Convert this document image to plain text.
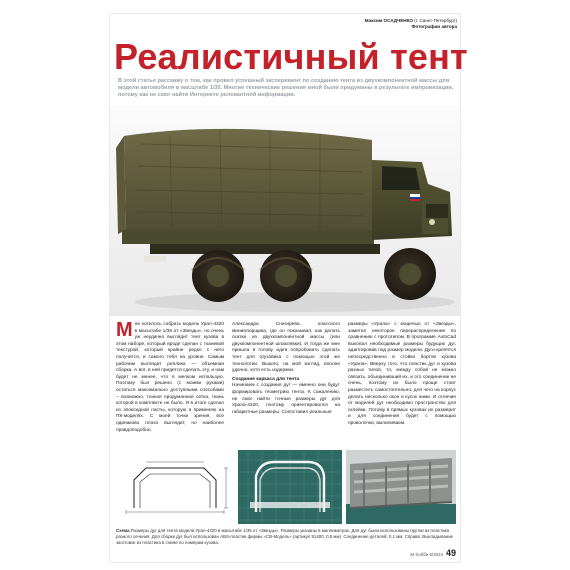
Максим ОСАДЧЕНКО (г. Санкт-Петербург)
Фотографии автора
Реалистичный тент
В этой статье расскажу о том, как провел успешный эксперимент по созданию тента из двухкомпонентной массы для модели автомобиля в масштабе 1/35. Многие технические решения мной были придуманы в результате импровизации, потому как не смог найти Интернете релевантной информации.
Мне хотелось собрать модель Урал-4320 в масштабе 1/35 от «Звезды», но очень уж неудачно выглядит тент кузова в этом наборе, который вроде сделан с тканевой текстурой, который крайне редко с него получится, и самого тебя на уровне. Самым рабочим выглядит реплика — объемная сборка. А вот, в ней придется сделать эту, и нам будет не менее, что я мелком использую. Поэтому был решено (с моими руками) остаться максимально доступными способами – возможно, тонкая продуманная сетка, ткань которой в комплекте не было. Я в итоге сделал из эпоксидной пасты, которую я применяю на ПК-моделях. С моей точки зрения, все одинаково плохо выглядит, но наиболее правдоподобно.
Александра Снигирева, классного миниатюрщика, где он показывал, как делать скатки из двухкомпонентной массы (или двухкомпонентной шпаклевки). И тогда же мне пришла в голову идея попробовать сделать тент для грузовика с помощью этой же технологии. Вышло, на мой взгляд, вполне удачно, хотя есть издержки.
Создание каркаса для тента
Начинаем с создания дуг — именно они будут формировать геометрию тента. К сожалению, не смог найти точные размеры дуг для Урала-4320, поэтому ориентировался на габаритные размеры. Сопоставил реальные
размеры «Урала» с моделью от «Звезды», заметил некоторое перераспределение по сравнению с прототипом. В программе AutoCad выкопал необходимые размеры будущих дуг, адаптировав под размер модели. Дуги крепятся непосредственно в стойки бортов кузова «Урала». Вверху того, что пластик дуг и кузова разных типов, то, между собой не можно связать, объединивший их, и это соединение не очень, поэтому их было проще стоит разместить самостоятельно, для чего на корпус делать несколько окон и кусок нами. И отличие от моделей дуг необходимо пространство для склейки. Потому в прямых кузовах их размерит и для соединения будет с помощью проволочки, выпиливаем.
Схема Размеры дуг для тента модели Урал-4320 в масштабе 1/35 от «Звезды». Размеры указаны в миллиметрах. Для дуг были использованы прутки из пластика разного сечения. Для сборки дуг был использован ABS-пластик фирмы «СВ-Модель» (артикул 51400, 0,5 мм). Соединение деталей: 0,1 мм. Справа: Выкладывание заготовок из пластика в схеме по номерам кузова.
М-Хобби 6/2024 49
